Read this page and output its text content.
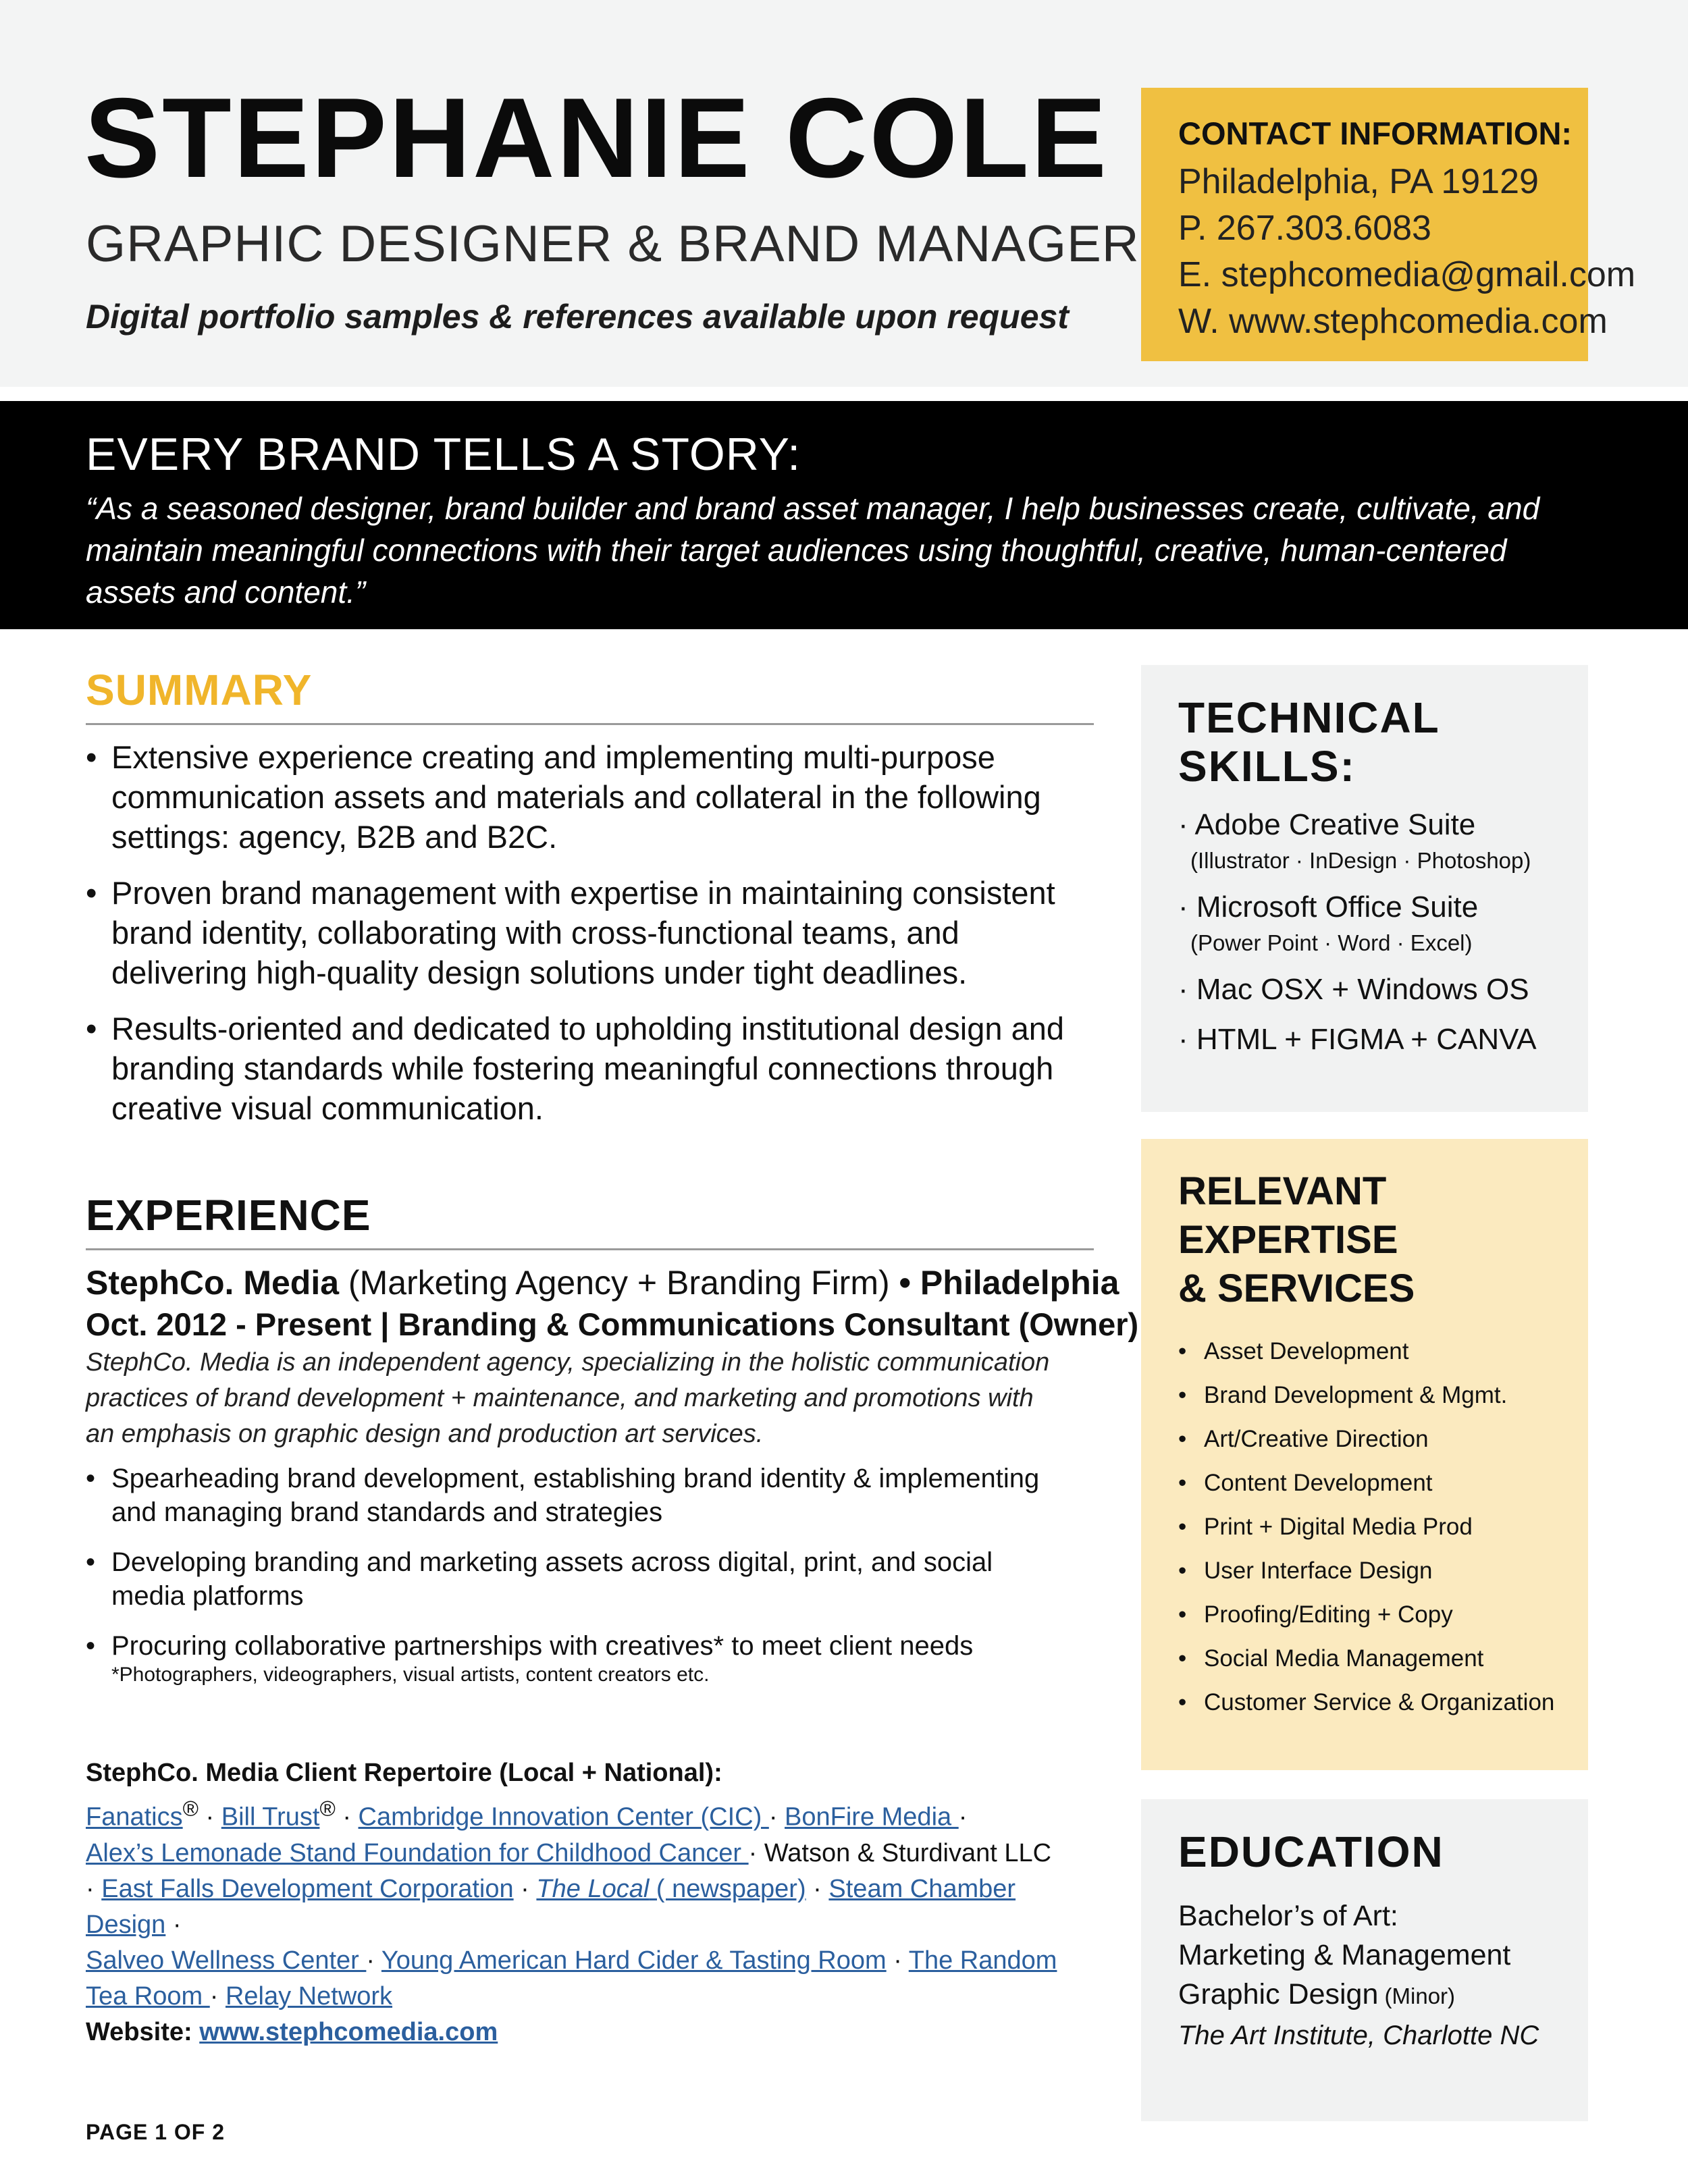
STEPHANIE COLE
GRAPHIC DESIGNER & BRAND MANAGER
Digital portfolio samples & references available upon request
CONTACT INFORMATION:
Philadelphia, PA 19129
P. 267.303.6083
E. stephcomedia@gmail.com
W. www.stephcomedia.com
EVERY BRAND TELLS A STORY:
“As a seasoned designer, brand builder and brand asset manager, I help businesses create, cultivate, and maintain meaningful connections with their target audiences using thoughtful, creative, human-centered assets and content.”
SUMMARY
• Extensive experience creating and implementing multi-purpose communication assets and materials and collateral in the following settings: agency, B2B and B2C.
• Proven brand management with expertise in maintaining consistent brand identity, collaborating with cross-functional teams, and delivering high-quality design solutions under tight deadlines.
• Results-oriented and dedicated to upholding institutional design and branding standards while fostering meaningful connections through creative visual communication.
EXPERIENCE
StephCo. Media (Marketing Agency + Branding Firm) • Philadelphia
Oct. 2012 - Present | Branding & Communications Consultant (Owner)
StephCo. Media is an independent agency, specializing in the holistic communication practices of brand development + maintenance, and marketing and promotions with an emphasis on graphic design and production art services.
• Spearheading brand development, establishing brand identity & implementing and managing brand standards and strategies
• Developing branding and marketing assets across digital, print, and social media platforms
• Procuring collaborative partnerships with creatives* to meet client needs
*Photographers, videographers, visual artists, content creators etc.
StephCo. Media Client Repertoire (Local + National):
Fanatics® · Bill Trust® · Cambridge Innovation Center (CIC) · BonFire Media ·
Alex’s Lemonade Stand Foundation for Childhood Cancer · Watson & Sturdivant LLC
· East Falls Development Corporation · The Local ( newspaper) · Steam Chamber Design ·
Salveo Wellness Center · Young American Hard Cider & Tasting Room · The Random Tea Room · Relay Network
Website: www.stephcomedia.com
PAGE 1 OF 2
TECHNICAL
SKILLS:
· Adobe Creative Suite
(Illustrator · InDesign · Photoshop)
· Microsoft Office Suite
(Power Point · Word · Excel)
· Mac OSX + Windows OS
· HTML + FIGMA + CANVA
RELEVANT
EXPERTISE
& SERVICES
• Asset Development
• Brand Development & Mgmt.
• Art/Creative Direction
• Content Development
• Print + Digital Media Prod
• User Interface Design
• Proofing/Editing + Copy
• Social Media Management
• Customer Service & Organization
EDUCATION
Bachelor’s of Art:
Marketing & Management
Graphic Design (Minor)
The Art Institute, Charlotte NC
